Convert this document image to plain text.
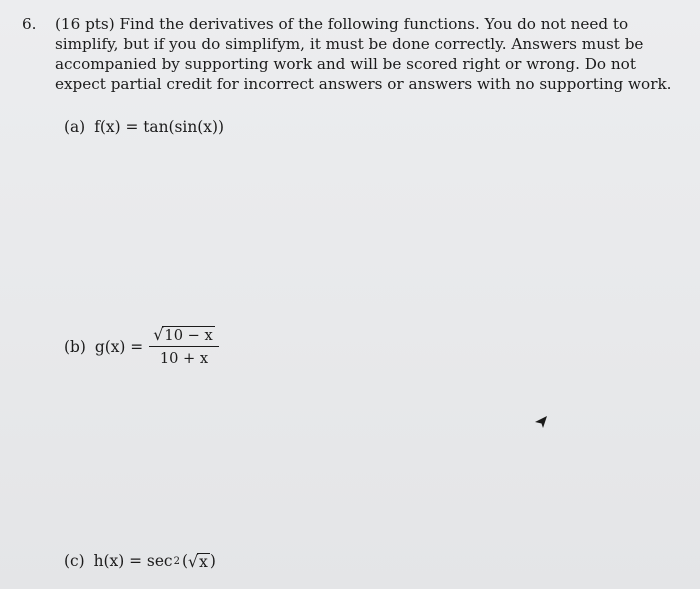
6. (16 pts) Find the derivatives of the following functions. You do not need to simplify, but if you do simplifym, it must be done correctly. Answers must be accompanied by supporting work and will be scored right or wrong. Do not expect partial credit for incorrect answers or answers with no supporting work.
(a) f(x) = tan(sin(x))
(b) $g(x) = \frac{√ 10 - x}{10 + x}$
(c) h(x) = sec 2 ( √ x )
